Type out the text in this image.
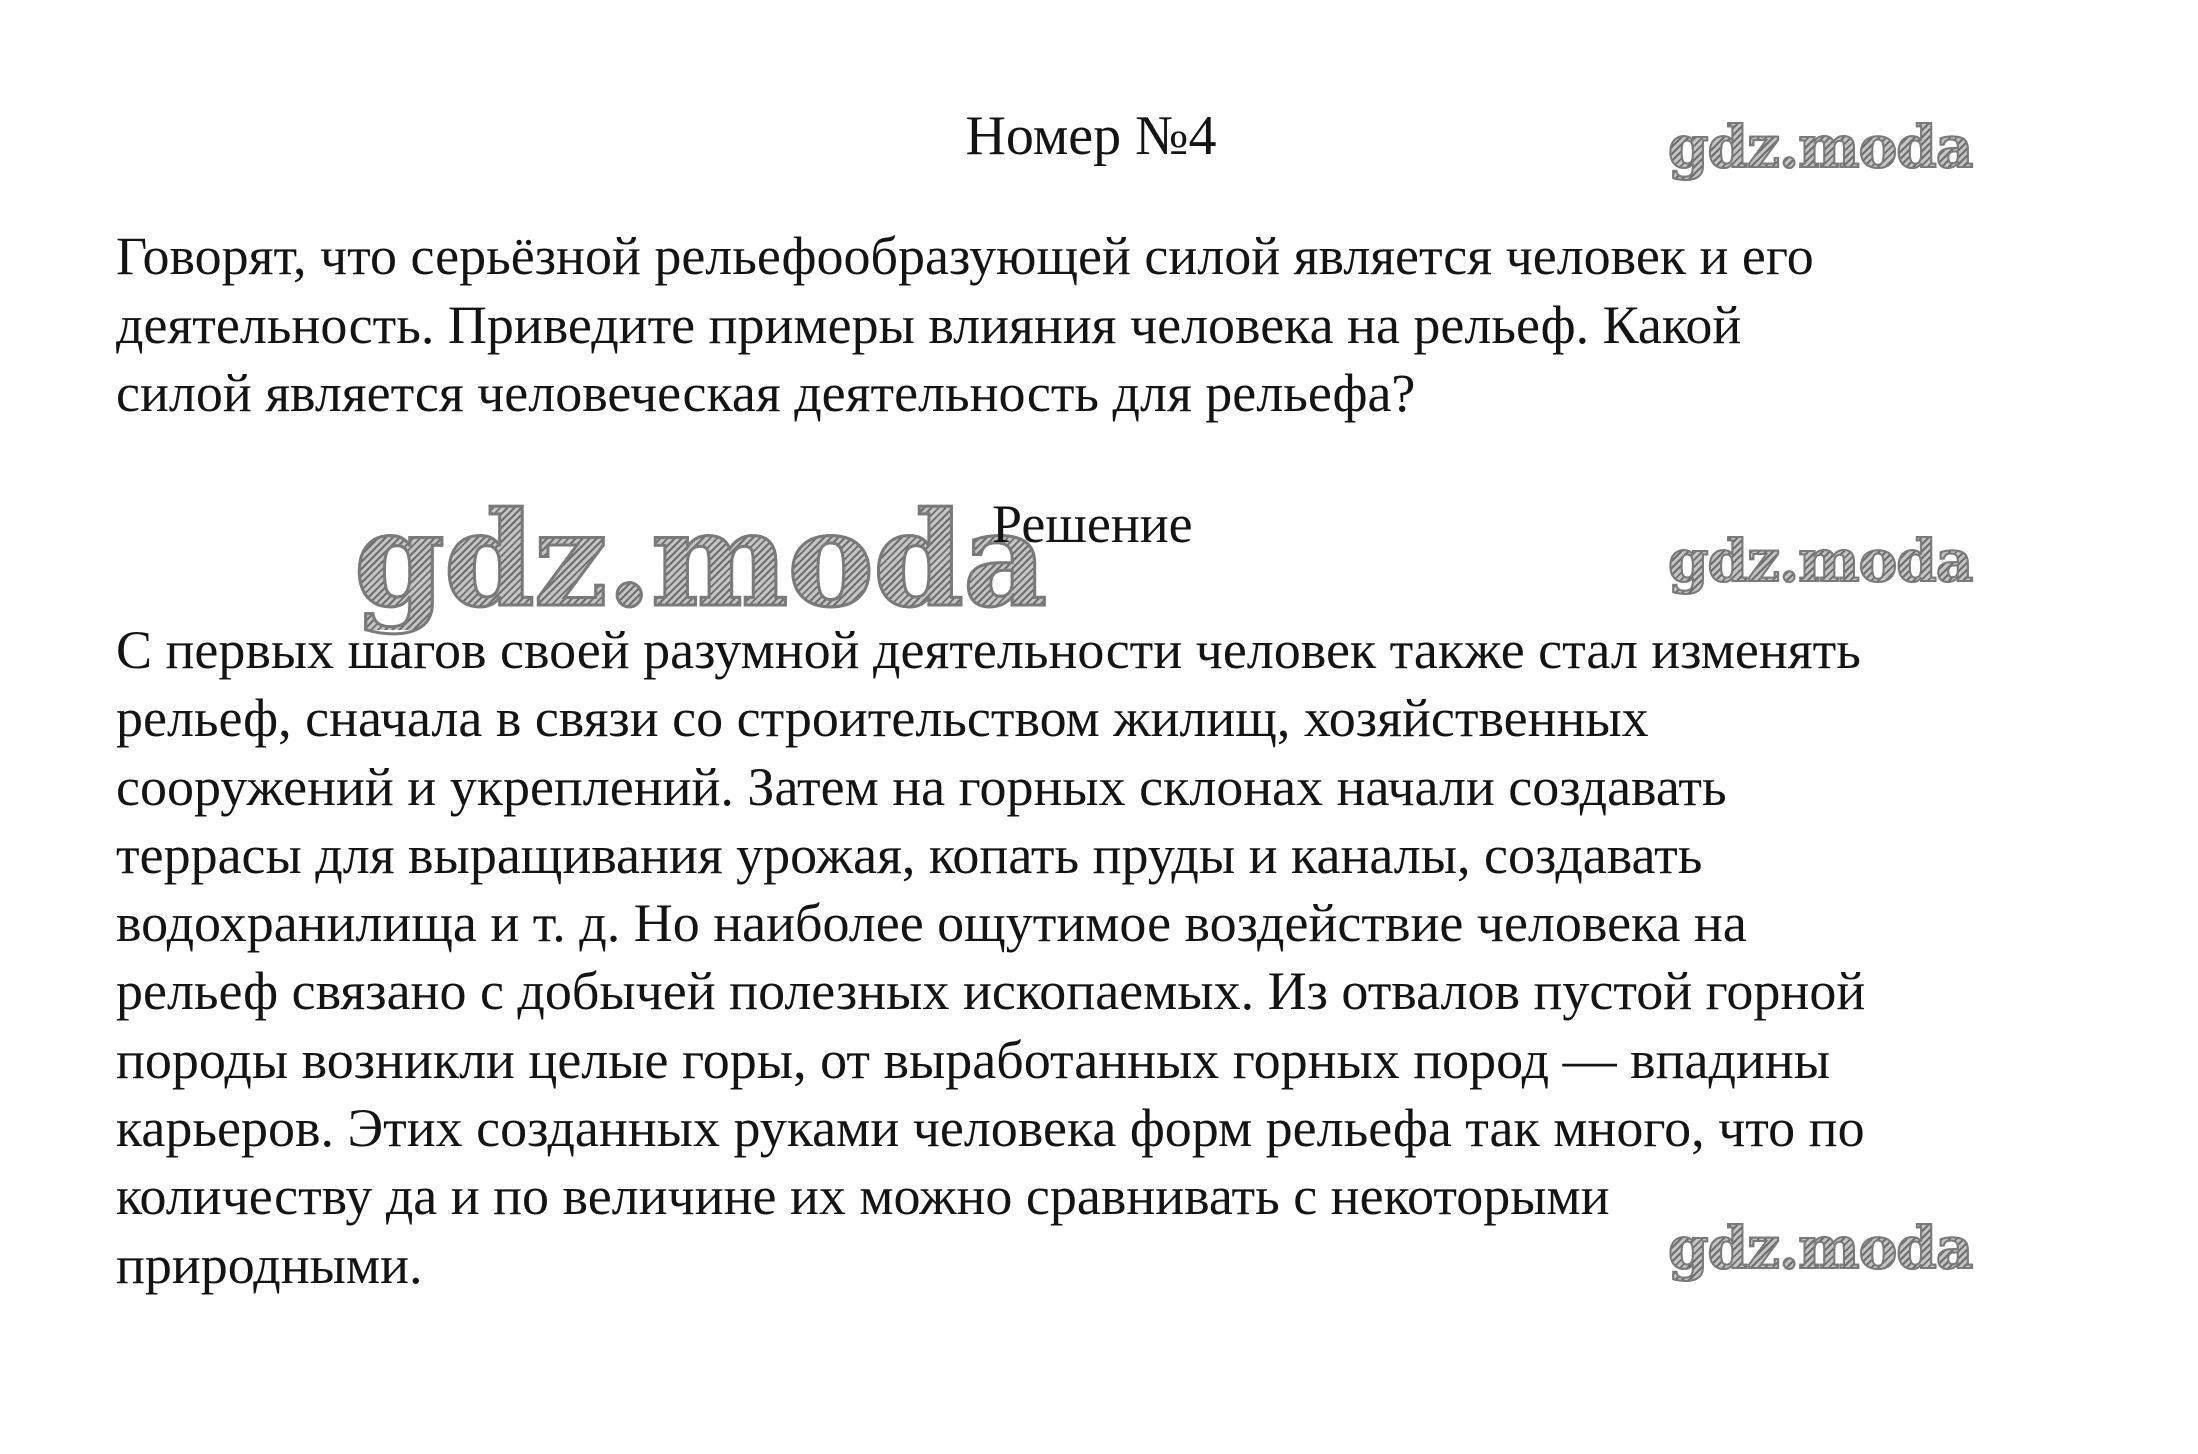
Номер №4	gdz.moda
Говорят, что серьёзной рельефообразующей силой является человек и его
деятельность. Приведите примеры влияния человека на рельеф. Какой
силой является человеческая деятельность для рельефа?
gdz.moda
Решение
gdz.moda
С первых шагов своей разумной деятельности человек также стал изменять
рельеф, сначала в связи со строительством жилищ, хозяйственных
сооружений и укреплений. Затем на горных склонах начали создавать
террасы для выращивания урожая, копать пруды и каналы, создавать
водохранилища и т. д. Но наиболее ощутимое воздействие человека на
рельеф связано с добычей полезных ископаемых. Из отвалов пустой горной
породы возникли целые горы, от выработанных горных пород — впадины
карьеров. Этих созданных руками человека форм рельефа так много, что по
количеству да и по величине их можно сравнивать с некоторыми
природными.	gdz.moda
